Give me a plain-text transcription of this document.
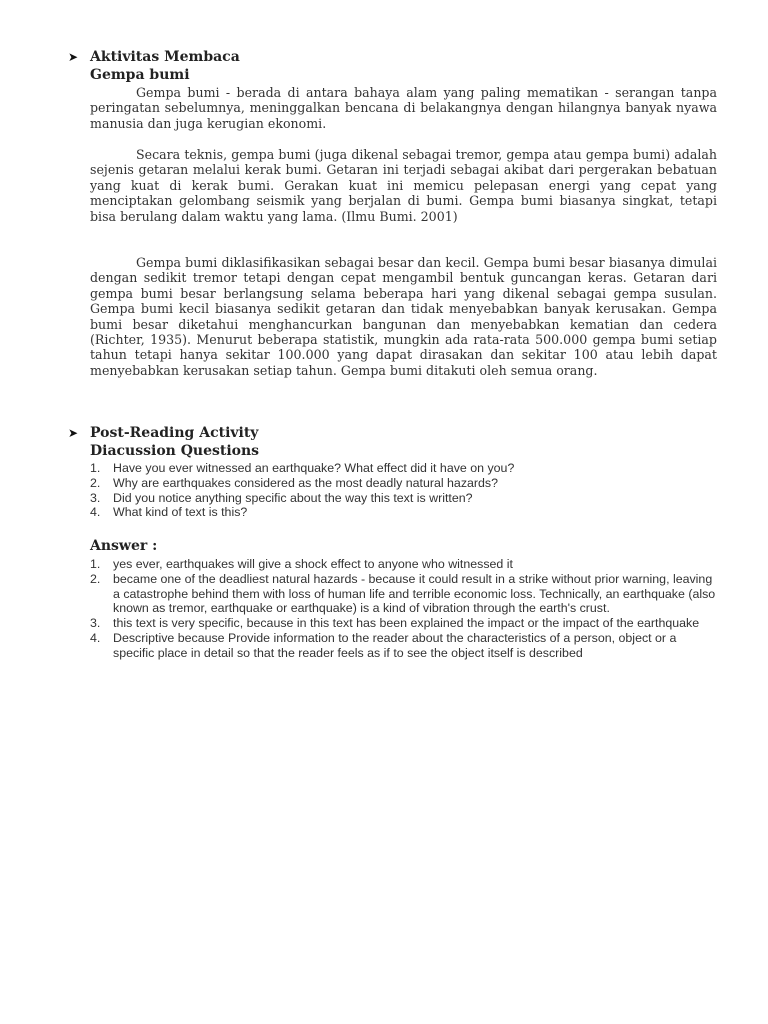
➤ Aktivitas Membaca
Gempa bumi
Gempa bumi - berada di antara bahaya alam yang paling mematikan - serangan tanpa peringatan sebelumnya, meninggalkan bencana di belakangnya dengan hilangnya banyak nyawa manusia dan juga kerugian ekonomi.
Secara teknis, gempa bumi (juga dikenal sebagai tremor, gempa atau gempa bumi) adalah sejenis getaran melalui kerak bumi. Getaran ini terjadi sebagai akibat dari pergerakan bebatuan yang kuat di kerak bumi. Gerakan kuat ini memicu pelepasan energi yang cepat yang menciptakan gelombang seismik yang berjalan di bumi. Gempa bumi biasanya singkat, tetapi bisa berulang dalam waktu yang lama. (Ilmu Bumi. 2001)
Gempa bumi diklasifikasikan sebagai besar dan kecil. Gempa bumi besar biasanya dimulai dengan sedikit tremor tetapi dengan cepat mengambil bentuk guncangan keras. Getaran dari gempa bumi besar berlangsung selama beberapa hari yang dikenal sebagai gempa susulan. Gempa bumi kecil biasanya sedikit getaran dan tidak menyebabkan banyak kerusakan. Gempa bumi besar diketahui menghancurkan bangunan dan menyebabkan kematian dan cedera (Richter, 1935). Menurut beberapa statistik, mungkin ada rata-rata 500.000 gempa bumi setiap tahun tetapi hanya sekitar 100.000 yang dapat dirasakan dan sekitar 100 atau lebih dapat menyebabkan kerusakan setiap tahun. Gempa bumi ditakuti oleh semua orang.
➤ Post-Reading Activity
Diacussion Questions
1. Have you ever witnessed an earthquake? What effect did it have on you?
2. Why are earthquakes considered as the most deadly natural hazards?
3. Did you notice anything specific about the way this text is written?
4. What kind of text is this?
Answer :
1. yes ever, earthquakes will give a shock effect to anyone who witnessed it
2. became one of the deadliest natural hazards - because it could result in a strike without prior warning, leaving a catastrophe behind them with loss of human life and terrible economic loss. Technically, an earthquake (also known as tremor, earthquake or earthquake) is a kind of vibration through the earth's crust.
3. this text is very specific, because in this text has been explained the impact or the impact of the earthquake
4. Descriptive because Provide information to the reader about the characteristics of a person, object or a specific place in detail so that the reader feels as if to see the object itself is described
